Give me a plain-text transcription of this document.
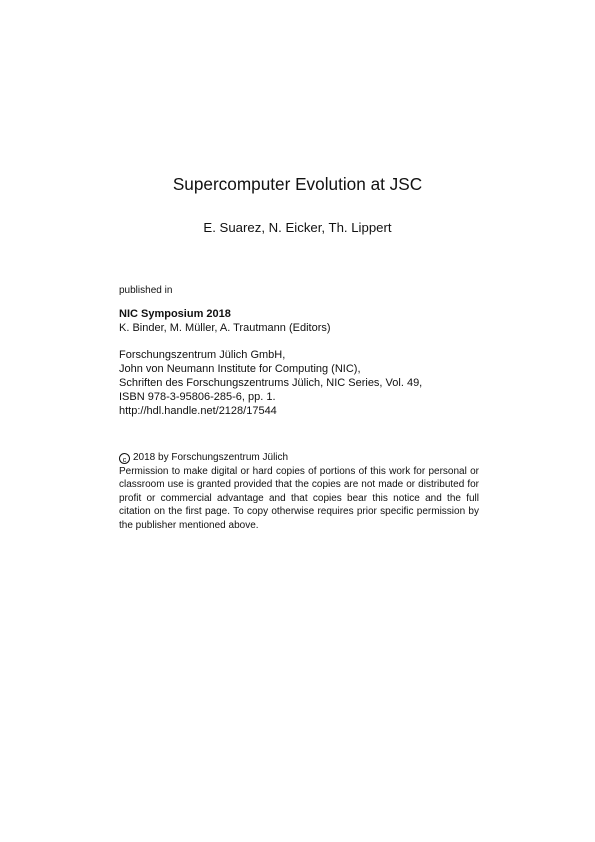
Supercomputer Evolution at JSC
E. Suarez, N. Eicker, Th. Lippert
published in
NIC Symposium 2018
K. Binder, M. Müller, A. Trautmann (Editors)
Forschungszentrum Jülich GmbH,
John von Neumann Institute for Computing (NIC),
Schriften des Forschungszentrums Jülich, NIC Series, Vol. 49,
ISBN 978-3-95806-285-6, pp. 1.
http://hdl.handle.net/2128/17544
c 2018 by Forschungszentrum Jülich
Permission to make digital or hard copies of portions of this work for personal or classroom use is granted provided that the copies are not made or distributed for profit or commercial advantage and that copies bear this notice and the full citation on the first page. To copy otherwise requires prior specific permission by the publisher mentioned above.
